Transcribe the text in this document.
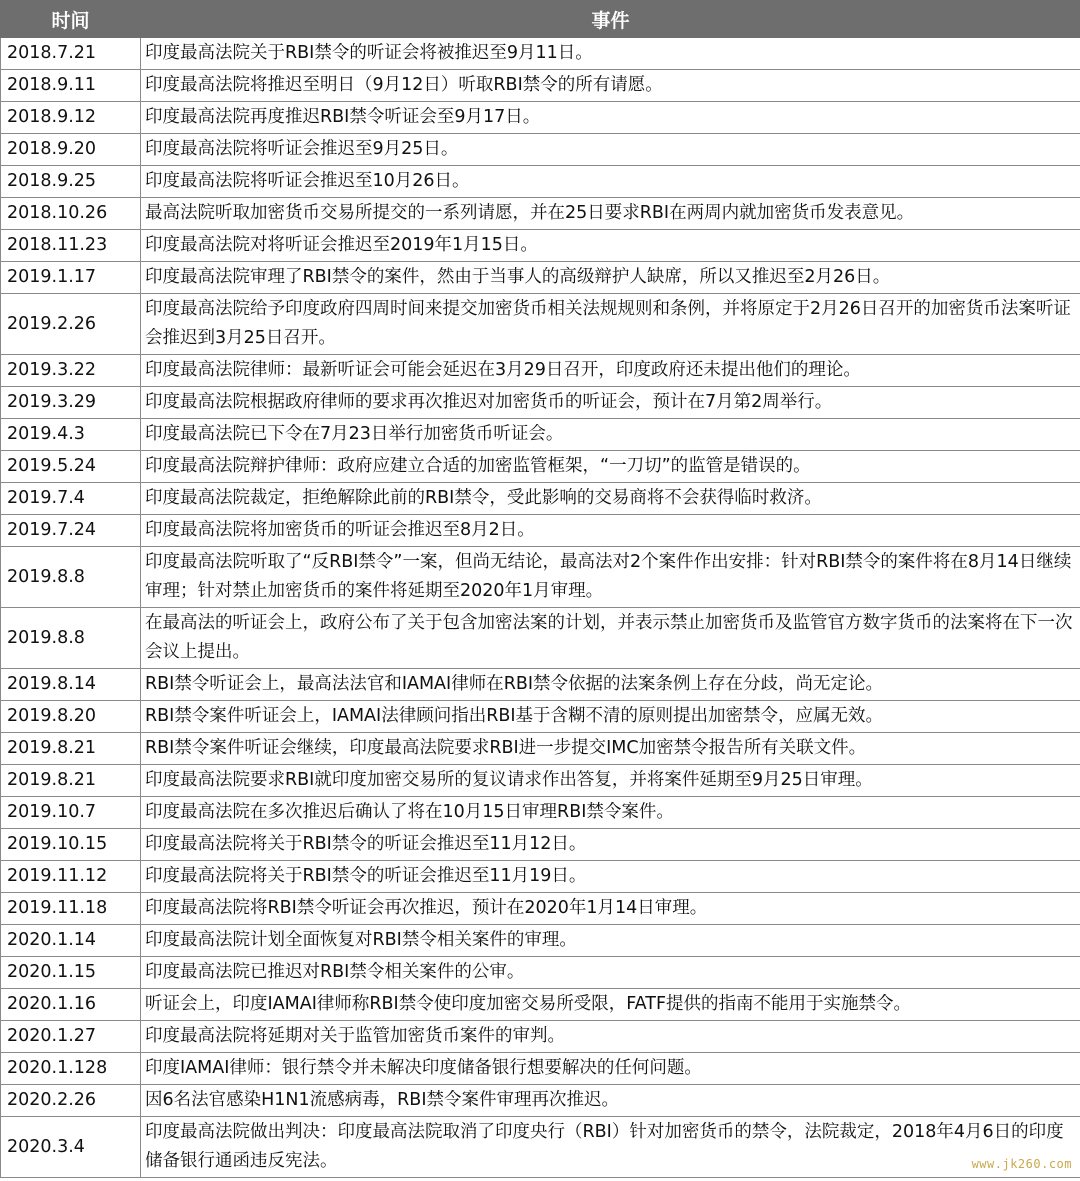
时间	事件
2018.7.21	印度最高法院关于RBI禁令的听证会将被推迟至9月11日。
2018.9.11	印度最高法院将推迟至明日（9月12日）听取RBI禁令的所有请愿。
2018.9.12	印度最高法院再度推迟RBI禁令听证会至9月17日。
2018.9.20	印度最高法院将听证会推迟至9月25日。
2018.9.25	印度最高法院将听证会推迟至10月26日。
2018.10.26	最高法院听取加密货币交易所提交的一系列请愿，并在25日要求RBI在两周内就加密货币发表意见。
2018.11.23	印度最高法院对将听证会推迟至2019年1月15日。
2019.1.17	印度最高法院审理了RBI禁令的案件，然由于当事人的高级辩护人缺席，所以又推迟至2月26日。
2019.2.26	印度最高法院给予印度政府四周时间来提交加密货币相关法规规则和条例，并将原定于2月26日召开的加密货币法案听证会推迟到3月25日召开。
2019.3.22	印度最高法院律师：最新听证会可能会延迟在3月29日召开，印度政府还未提出他们的理论。
2019.3.29	印度最高法院根据政府律师的要求再次推迟对加密货币的听证会，预计在7月第2周举行。
2019.4.3	印度最高法院已下令在7月23日举行加密货币听证会。
2019.5.24	印度最高法院辩护律师：政府应建立合适的加密监管框架，“一刀切”的监管是错误的。
2019.7.4	印度最高法院裁定，拒绝解除此前的RBI禁令，受此影响的交易商将不会获得临时救济。
2019.7.24	印度最高法院将加密货币的听证会推迟至8月2日。
2019.8.8	印度最高法院听取了“反RBI禁令”一案，但尚无结论，最高法对2个案件作出安排：针对RBI禁令的案件将在8月14日继续审理；针对禁止加密货币的案件将延期至2020年1月审理。
2019.8.8	在最高法的听证会上，政府公布了关于包含加密法案的计划，并表示禁止加密货币及监管官方数字货币的法案将在下一次会议上提出。
2019.8.14	RBI禁令听证会上，最高法法官和IAMAI律师在RBI禁令依据的法案条例上存在分歧，尚无定论。
2019.8.20	RBI禁令案件听证会上，IAMAI法律顾问指出RBI基于含糊不清的原则提出加密禁令，应属无效。
2019.8.21	RBI禁令案件听证会继续，印度最高法院要求RBI进一步提交IMC加密禁令报告所有关联文件。
2019.8.21	印度最高法院要求RBI就印度加密交易所的复议请求作出答复，并将案件延期至9月25日审理。
2019.10.7	印度最高法院在多次推迟后确认了将在10月15日审理RBI禁令案件。
2019.10.15	印度最高法院将关于RBI禁令的听证会推迟至11月12日。
2019.11.12	印度最高法院将关于RBI禁令的听证会推迟至11月19日。
2019.11.18	印度最高法院将RBI禁令听证会再次推迟，预计在2020年1月14日审理。
2020.1.14	印度最高法院计划全面恢复对RBI禁令相关案件的审理。
2020.1.15	印度最高法院已推迟对RBI禁令相关案件的公审。
2020.1.16	听证会上，印度IAMAI律师称RBI禁令使印度加密交易所受限，FATF提供的指南不能用于实施禁令。
2020.1.27	印度最高法院将延期对关于监管加密货币案件的审判。
2020.1.128	印度IAMAI律师：银行禁令并未解决印度储备银行想要解决的任何问题。
2020.2.26	因6名法官感染H1N1流感病毒，RBI禁令案件审理再次推迟。
2020.3.4	印度最高法院做出判决：印度最高法院取消了印度央行（RBI）针对加密货币的禁令，法院裁定，2018年4月6日的印度储备银行通函违反宪法。	www.jk260.com
